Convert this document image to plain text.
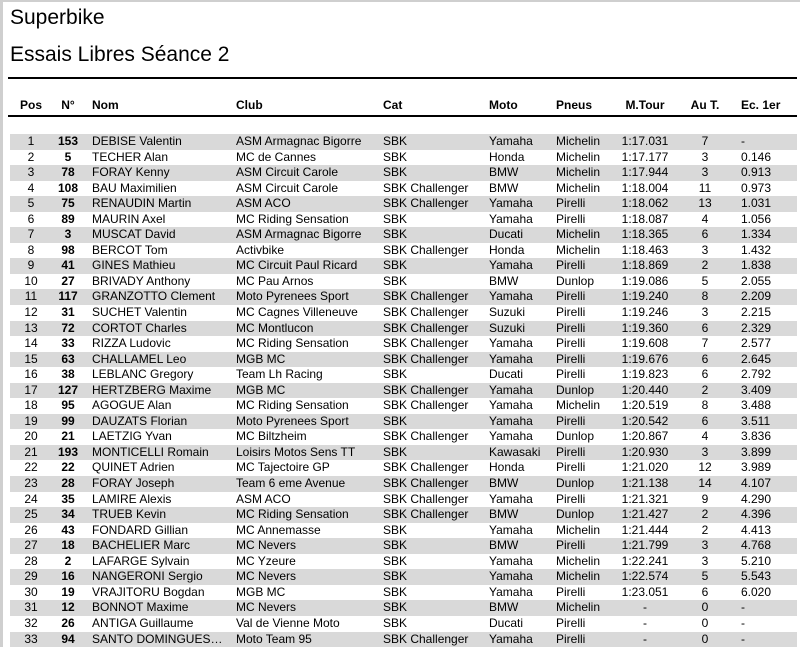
Superbike
Essais Libres Séance 2
Pos	N°	Nom	Club	Cat	Moto	Pneus	M.Tour	Au T.	Ec. 1er
1	153	DEBISE Valentin	ASM Armagnac Bigorre	SBK	Yamaha	Michelin	1:17.031	7	-
2	5	TECHER Alan	MC de Cannes	SBK	Honda	Michelin	1:17.177	3	0.146
3	78	FORAY Kenny	ASM Circuit Carole	SBK	BMW	Michelin	1:17.944	3	0.913
4	108	BAU Maximilien	ASM Circuit Carole	SBK Challenger	BMW	Michelin	1:18.004	11	0.973
5	75	RENAUDIN Martin	ASM ACO	SBK Challenger	Yamaha	Pirelli	1:18.062	13	1.031
6	89	MAURIN Axel	MC Riding Sensation	SBK	Yamaha	Pirelli	1:18.087	4	1.056
7	3	MUSCAT David	ASM Armagnac Bigorre	SBK	Ducati	Michelin	1:18.365	6	1.334
8	98	BERCOT Tom	Activbike	SBK Challenger	Honda	Michelin	1:18.463	3	1.432
9	41	GINES Mathieu	MC Circuit Paul Ricard	SBK	Yamaha	Pirelli	1:18.869	2	1.838
10	27	BRIVADY Anthony	MC Pau Arnos	SBK	BMW	Dunlop	1:19.086	5	2.055
11	117	GRANZOTTO Clement	Moto Pyrenees Sport	SBK Challenger	Yamaha	Pirelli	1:19.240	8	2.209
12	31	SUCHET Valentin	MC Cagnes Villeneuve	SBK Challenger	Suzuki	Pirelli	1:19.246	3	2.215
13	72	CORTOT Charles	MC Montlucon	SBK Challenger	Suzuki	Pirelli	1:19.360	6	2.329
14	33	RIZZA Ludovic	MC Riding Sensation	SBK Challenger	Yamaha	Pirelli	1:19.608	7	2.577
15	63	CHALLAMEL Leo	MGB MC	SBK Challenger	Yamaha	Pirelli	1:19.676	6	2.645
16	38	LEBLANC Gregory	Team Lh Racing	SBK	Ducati	Pirelli	1:19.823	6	2.792
17	127	HERTZBERG Maxime	MGB MC	SBK Challenger	Yamaha	Dunlop	1:20.440	2	3.409
18	95	AGOGUE Alan	MC Riding Sensation	SBK Challenger	Yamaha	Michelin	1:20.519	8	3.488
19	99	DAUZATS Florian	Moto Pyrenees Sport	SBK	Yamaha	Pirelli	1:20.542	6	3.511
20	21	LAETZIG Yvan	MC Biltzheim	SBK Challenger	Yamaha	Dunlop	1:20.867	4	3.836
21	193	MONTICELLI Romain	Loisirs Motos Sens TT	SBK	Kawasaki	Pirelli	1:20.930	3	3.899
22	22	QUINET Adrien	MC Tajectoire GP	SBK Challenger	Honda	Pirelli	1:21.020	12	3.989
23	28	FORAY Joseph	Team 6 eme Avenue	SBK Challenger	BMW	Dunlop	1:21.138	14	4.107
24	35	LAMIRE Alexis	ASM ACO	SBK Challenger	Yamaha	Pirelli	1:21.321	9	4.290
25	34	TRUEB Kevin	MC Riding Sensation	SBK Challenger	BMW	Dunlop	1:21.427	2	4.396
26	43	FONDARD Gillian	MC Annemasse	SBK	Yamaha	Michelin	1:21.444	2	4.413
27	18	BACHELIER Marc	MC Nevers	SBK	BMW	Pirelli	1:21.799	3	4.768
28	2	LAFARGE Sylvain	MC Yzeure	SBK	Yamaha	Michelin	1:22.241	3	5.210
29	16	NANGERONI Sergio	MC Nevers	SBK	Yamaha	Michelin	1:22.574	5	5.543
30	19	VRAJITORU Bogdan	MGB MC	SBK	Yamaha	Pirelli	1:23.051	6	6.020
31	12	BONNOT Maxime	MC Nevers	SBK	BMW	Michelin	-	0	-
32	26	ANTIGA Guillaume	Val de Vienne Moto	SBK	Ducati	Pirelli	-	0	-
33	94	SANTO DOMINGUES…	Moto Team 95	SBK Challenger	Yamaha	Pirelli	-	0	-
